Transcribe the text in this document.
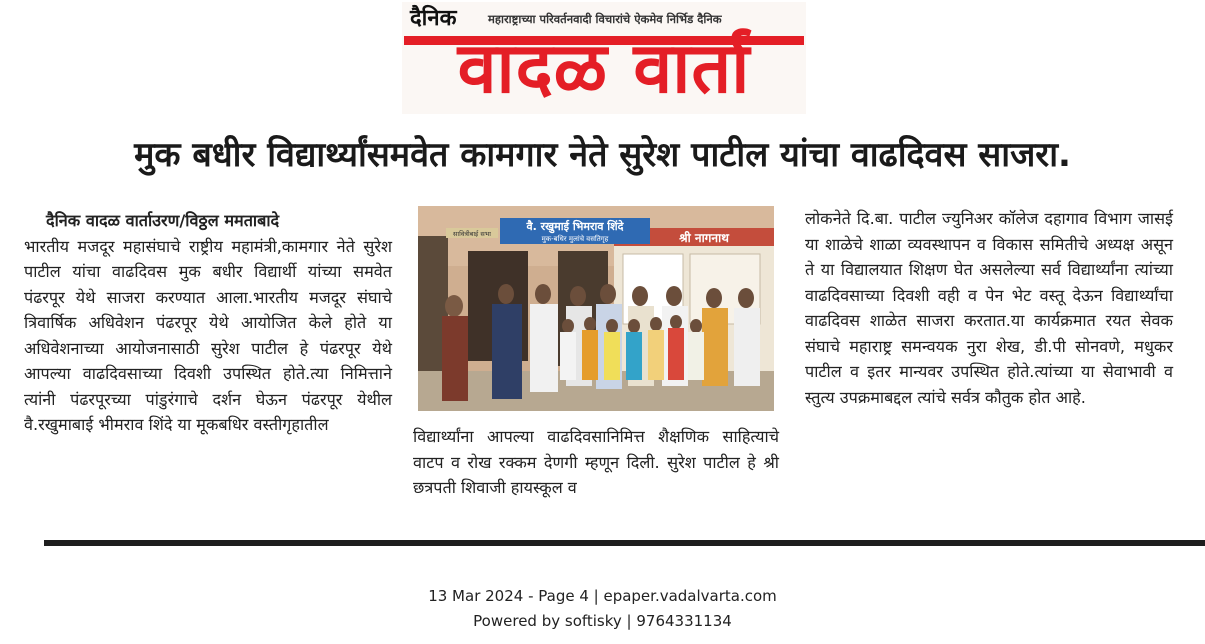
दैनिक	महाराष्ट्राच्या परिवर्तनवादी विचारांचे ऐकमेव निर्भिड दैनिक
वादळ वार्ता
मुक बधीर विद्यार्थ्यांसमवेत कामगार नेते सुरेश पाटील यांचा वाढदिवस साजरा.
दैनिक वादळ वार्ताउरण/विठ्ठल ममताबादे
भारतीय मजदूर महासंघाचे राष्ट्रीय महामंत्री,कामगार नेते सुरेश पाटील यांचा वाढदिवस मुक बधीर विद्यार्थी यांच्या समवेत पंढरपूर येथे साजरा करण्यात आला.भारतीय मजदूर संघाचे त्रिवार्षिक अधिवेशन पंढरपूर येथे आयोजित केले होते या अधिवेशनाच्या आयोजनासाठी सुरेश पाटील हे पंढरपूर येथे आपल्या वाढदिवसाच्या दिवशी उपस्थित होते.त्या निमित्ताने त्यांनी पंढरपूरच्या पांडुरंगाचे दर्शन घेऊन पंढरपूर येथील वै.रखुमाबाई भीमराव शिंदे या मूकबधिर वस्तीगृहातील
श्री नागनाथ
वै. रखुमाई भिमराव शिंदे
मुक-बधिर मुलांचे वसतिगृह
सावित्रीबाई सभा
विद्यार्थ्यांना आपल्या वाढदिवसानिमित्त शैक्षणिक साहित्याचे वाटप व रोख रक्कम देणगी म्हणून दिली. सुरेश पाटील हे श्री छत्रपती शिवाजी हायस्कूल व
लोकनेते दि.बा. पाटील ज्युनिअर कॉलेज दहागाव विभाग जासई या शाळेचे शाळा व्यवस्थापन व विकास समितीचे अध्यक्ष असून ते या विद्यालयात शिक्षण घेत असलेल्या सर्व विद्यार्थ्यांना त्यांच्या वाढदिवसाच्या दिवशी वही व पेन भेट वस्तू देऊन विद्यार्थ्यांचा वाढदिवस शाळेत साजरा करतात.या कार्यक्रमात रयत सेवक संघाचे महाराष्ट्र समन्वयक नुरा शेख, डी.पी सोनवणे, मधुकर पाटील व इतर मान्यवर उपस्थित होते.त्यांच्या या सेवाभावी व स्तुत्य उपक्रमाबद्दल त्यांचे सर्वत्र कौतुक होत आहे.
13 Mar 2024 - Page 4 | epaper.vadalvarta.com
Powered by softisky | 9764331134
